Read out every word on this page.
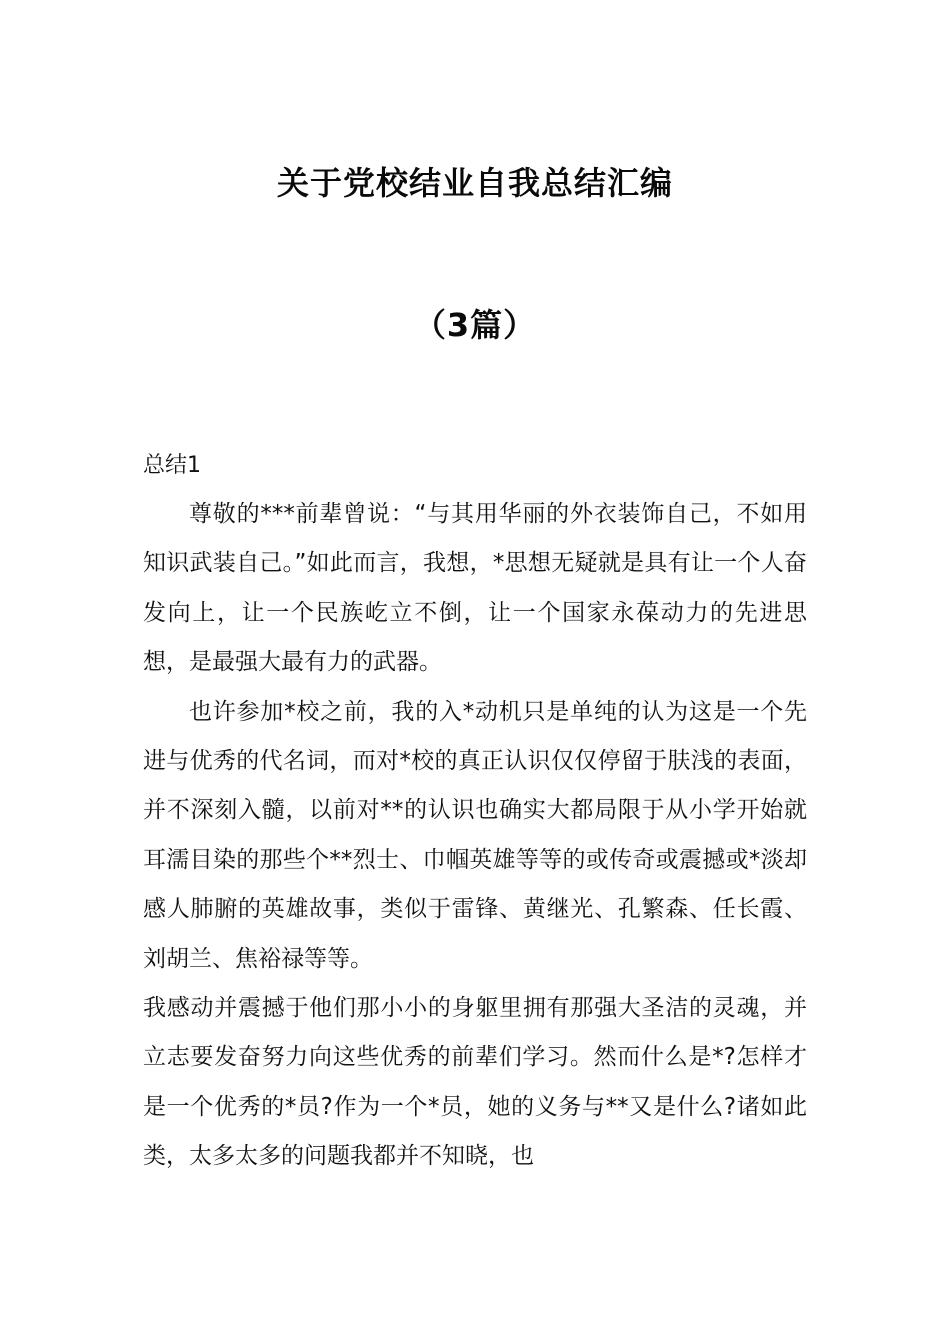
关于党校结业自我总结汇编
（3篇）
总结1

尊敬的***前辈曾说：“与其用华丽的外衣装饰自己，不如用知识武装自己。”如此而言，我想，*思想无疑就是具有让一个人奋发向上，让一个民族屹立不倒，让一个国家永葆动力的先进思想，是最强大最有力的武器。

也许参加*校之前，我的入*动机只是单纯的认为这是一个先进与优秀的代名词，而对*校的真正认识仅仅停留于肤浅的表面，并不深刻入髓，以前对**的认识也确实大都局限于从小学开始就耳濡目染的那些个**烈士、巾帼英雄等等的或传奇或震撼或*淡却感人肺腑的英雄故事，类似于雷锋、黄继光、孔繁森、任长霞、刘胡兰、焦裕禄等等。

我感动并震撼于他们那小小的身躯里拥有那强大圣洁的灵魂，并立志要发奋努力向这些优秀的前辈们学习。然而什么是*?怎样才是一个优秀的*员?作为一个*员，她的义务与**又是什么?诸如此类，太多太多的问题我都并不知晓，也
